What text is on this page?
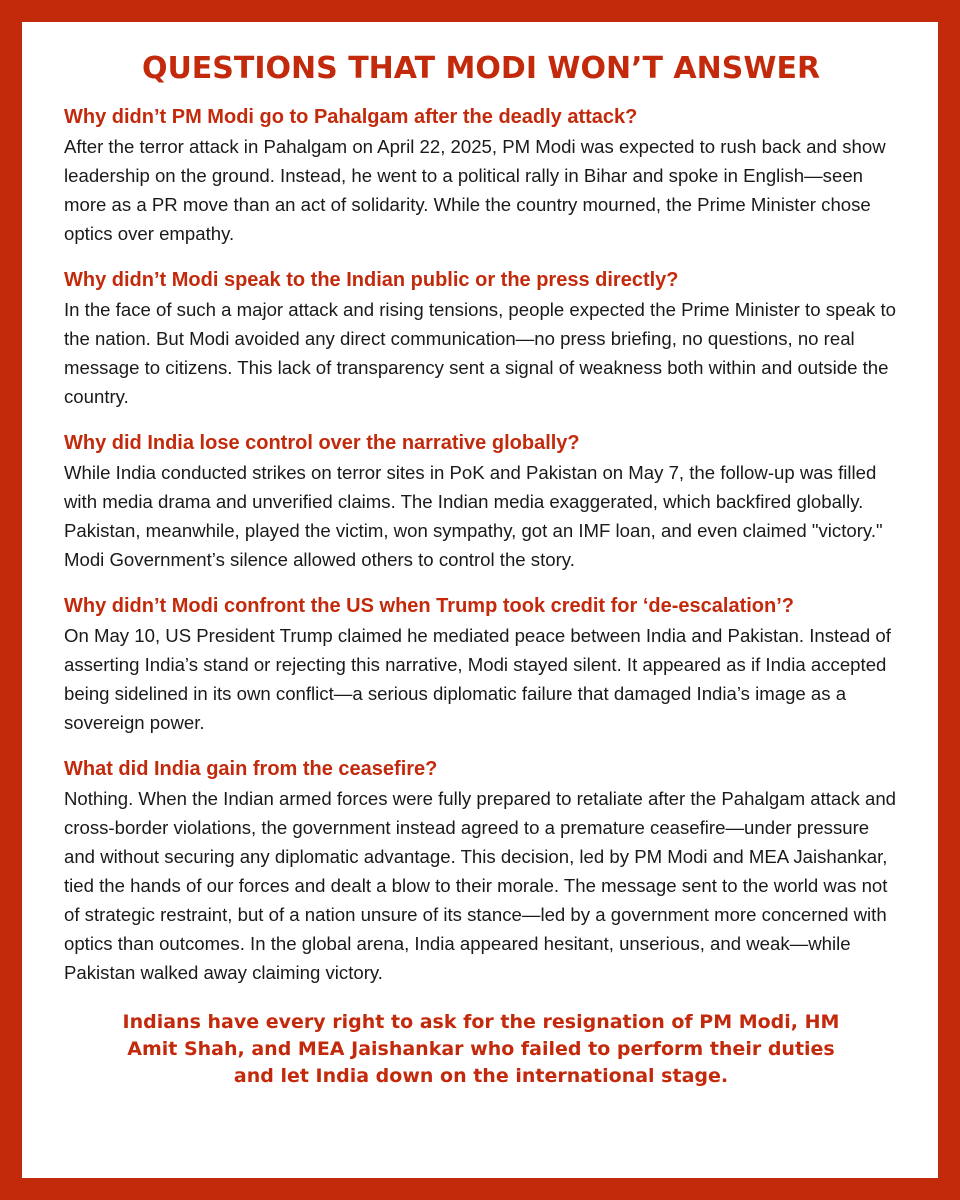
QUESTIONS THAT MODI WON’T ANSWER

Why didn’t PM Modi go to Pahalgam after the deadly attack?

After the terror attack in Pahalgam on April 22, 2025, PM Modi was expected to rush back and show leadership on the ground. Instead, he went to a political rally in Bihar and spoke in English—seen more as a PR move than an act of solidarity. While the country mourned, the Prime Minister chose optics over empathy.

Why didn’t Modi speak to the Indian public or the press directly?

In the face of such a major attack and rising tensions, people expected the Prime Minister to speak to the nation. But Modi avoided any direct communication—no press briefing, no questions, no real message to citizens. This lack of transparency sent a signal of weakness both within and outside the country.

Why did India lose control over the narrative globally?

While India conducted strikes on terror sites in PoK and Pakistan on May 7, the follow-up was filled with media drama and unverified claims. The Indian media exaggerated, which backfired globally. Pakistan, meanwhile, played the victim, won sympathy, got an IMF loan, and even claimed "victory." Modi Government’s silence allowed others to control the story.

Why didn’t Modi confront the US when Trump took credit for ‘de-escalation’?

On May 10, US President Trump claimed he mediated peace between India and Pakistan. Instead of asserting India’s stand or rejecting this narrative, Modi stayed silent. It appeared as if India accepted being sidelined in its own conflict—a serious diplomatic failure that damaged India’s image as a sovereign power.

What did India gain from the ceasefire?

Nothing. When the Indian armed forces were fully prepared to retaliate after the Pahalgam attack and cross-border violations, the government instead agreed to a premature ceasefire—under pressure and without securing any diplomatic advantage. This decision, led by PM Modi and MEA Jaishankar, tied the hands of our forces and dealt a blow to their morale. The message sent to the world was not of strategic restraint, but of a nation unsure of its stance—led by a government more concerned with optics than outcomes. In the global arena, India appeared hesitant, unserious, and weak—while Pakistan walked away claiming victory.

Indians have every right to ask for the resignation of PM Modi, HM Amit Shah, and MEA Jaishankar who failed to perform their duties and let India down on the international stage.
